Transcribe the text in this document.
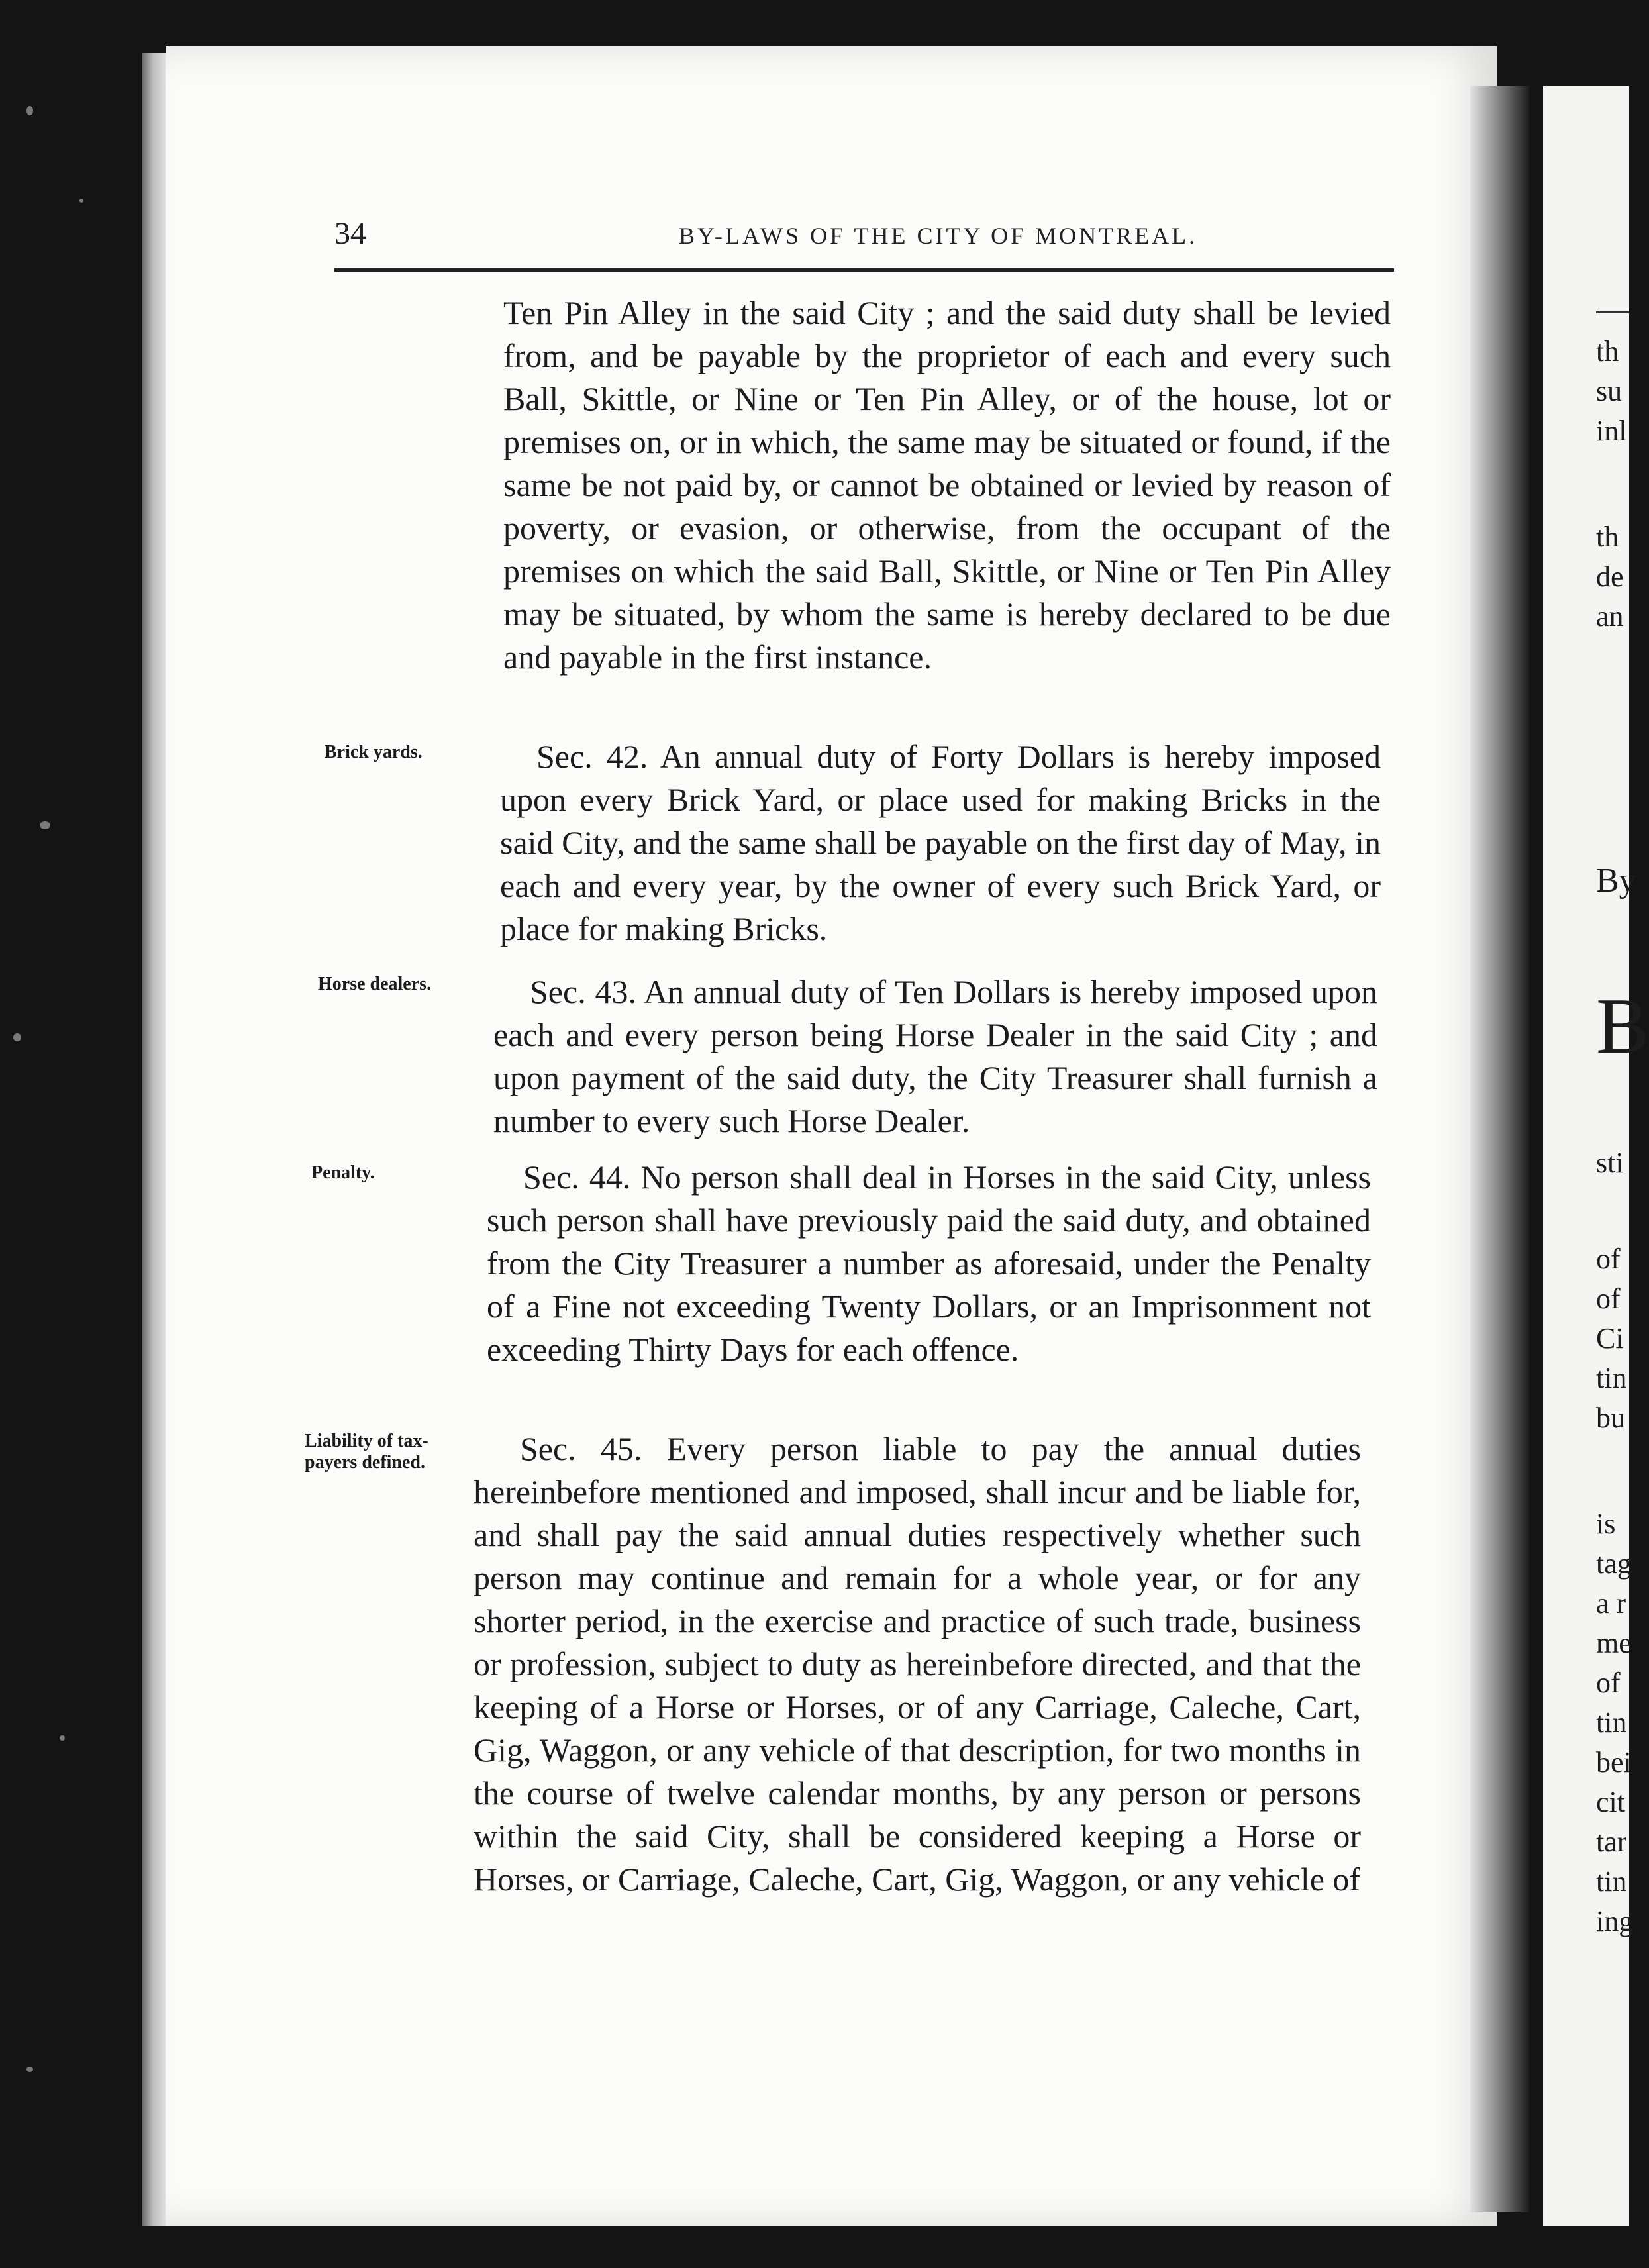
34	BY-LAWS OF THE CITY OF MONTREAL.

Ten Pin Alley in the said City ; and the said duty shall be levied from, and be payable by the proprietor of each and every such Ball, Skittle, or Nine or Ten Pin Alley, or of the house, lot or premises on, or in which, the same may be situated or found, if the same be not paid by, or cannot be obtained or levied by reason of poverty, or evasion, or otherwise, from the occupant of the premises on which the said Ball, Skittle, or Nine or Ten Pin Alley may be situated, by whom the same is hereby declared to be due and payable in the first instance.

Brick yards.	Sec. 42. An annual duty of Forty Dollars is hereby imposed upon every Brick Yard, or place used for making Bricks in the said City, and the same shall be payable on the first day of May, in each and every year, by the owner of every such Brick Yard, or place for making Bricks.

Horse dealers.	Sec. 43. An annual duty of Ten Dollars is hereby imposed upon each and every person being Horse Dealer in the said City ; and upon payment of the said duty, the City Treasurer shall furnish a number to every such Horse Dealer.

Penalty.	Sec. 44. No person shall deal in Horses in the said City, unless such person shall have previously paid the said duty, and obtained from the City Treasurer a number as aforesaid, under the Penalty of a Fine not exceeding Twenty Dollars, or an Imprisonment not exceeding Thirty Days for each offence.

Liability of tax-
payers defined.	Sec. 45. Every person liable to pay the annual duties hereinbefore mentioned and imposed, shall incur and be liable for, and shall pay the said annual duties respectively whether such person may continue and remain for a whole year, or for any shorter period, in the exercise and practice of such trade, business or profession, subject to duty as hereinbefore directed, and that the keeping of a Horse or Horses, or of any Carriage, Caleche, Cart, Gig, Waggon, or any vehicle of that description, for two months in the course of twelve calendar months, by any person or persons within the said City, shall be considered keeping a Horse or Horses, or Carriage, Caleche, Cart, Gig, Waggon, or any vehicle of

th
su
inl
th
de
an
By
B
sti
of
of
Ci
tin
bu
is
tag
a r
me
of
tin
bei
cit
tar
tin
ing
